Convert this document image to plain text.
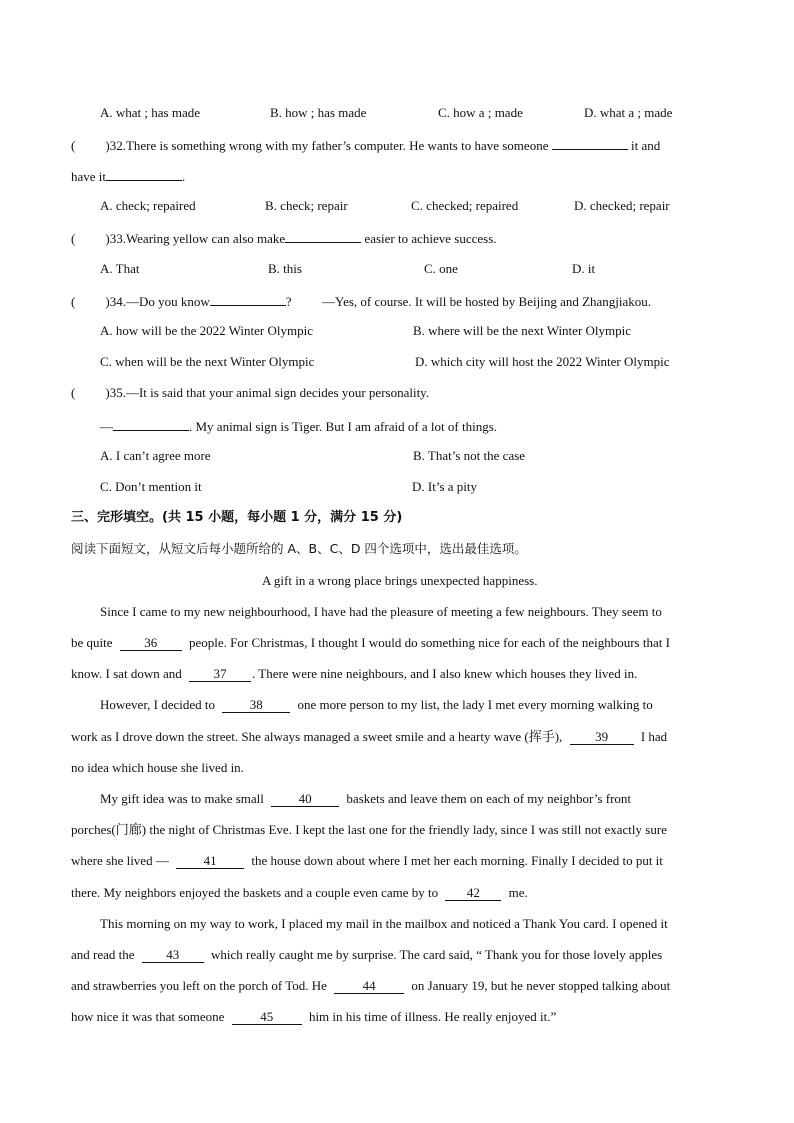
A. what ; has made	B. how ; has made	C. how a ; made	D. what a ; made
( )32.There is something wrong with my father’s computer. He wants to have someone	it and
have it	.
A. check; repaired	B. check; repair	C. checked; repaired	D. checked; repair
( )33.Wearing yellow can also make	easier to achieve success.
A. That	B. this	C. one	D. it
( )34.—Do you know	? —Yes, of course. It will be hosted by Beijing and Zhangjiakou.
A. how will be the 2022 Winter Olympic	B. where will be the next Winter Olympic
C. when will be the next Winter Olympic	D. which city will host the 2022 Winter Olympic
( )35.—It is said that your animal sign decides your personality.
—	. My animal sign is Tiger. But I am afraid of a lot of things.
A. I can’t agree more	B. That’s not the case
C. Don’t mention it	D. It’s a pity
三、完形填空。(共 15 小题，每小题 1 分，满分 15 分)
阅读下面短文，从短文后每小题所给的 A、B、C、D 四个选项中，选出最佳选项。
A gift in a wrong place brings unexpected happiness.
Since I came to my new neighbourhood, I have had the pleasure of meeting a few neighbours. They seem to
be quite 36 people. For Christmas, I thought I would do something nice for each of the neighbours that I
know. I sat down and 37 . There were nine neighbours, and I also knew which houses they lived in.
However, I decided to	38	one more person to my list, the lady I met every morning walking to
work as I drove down the street. She always managed a sweet smile and a hearty wave (挥手),	39	I had
no idea which house she lived in.
My gift idea was to make small	40	baskets and leave them on each of my neighbor’s front
porches(门廊) the night of Christmas Eve. I kept the last one for the friendly lady, since I was still not exactly sure
where she lived —	41	the house down about where I met her each morning. Finally I decided to put it
there. My neighbors enjoyed the baskets and a couple even came by to 42 me.
This morning on my way to work, I placed my mail in the mailbox and noticed a Thank You card. I opened it
and read the 43 which really caught me by surprise. The card said, “ Thank you for those lovely apples
and strawberries you left on the porch of Tod. He	44	on January 19, but he never stopped talking about
how nice it was that someone	45	him in his time of illness. He really enjoyed it.”
